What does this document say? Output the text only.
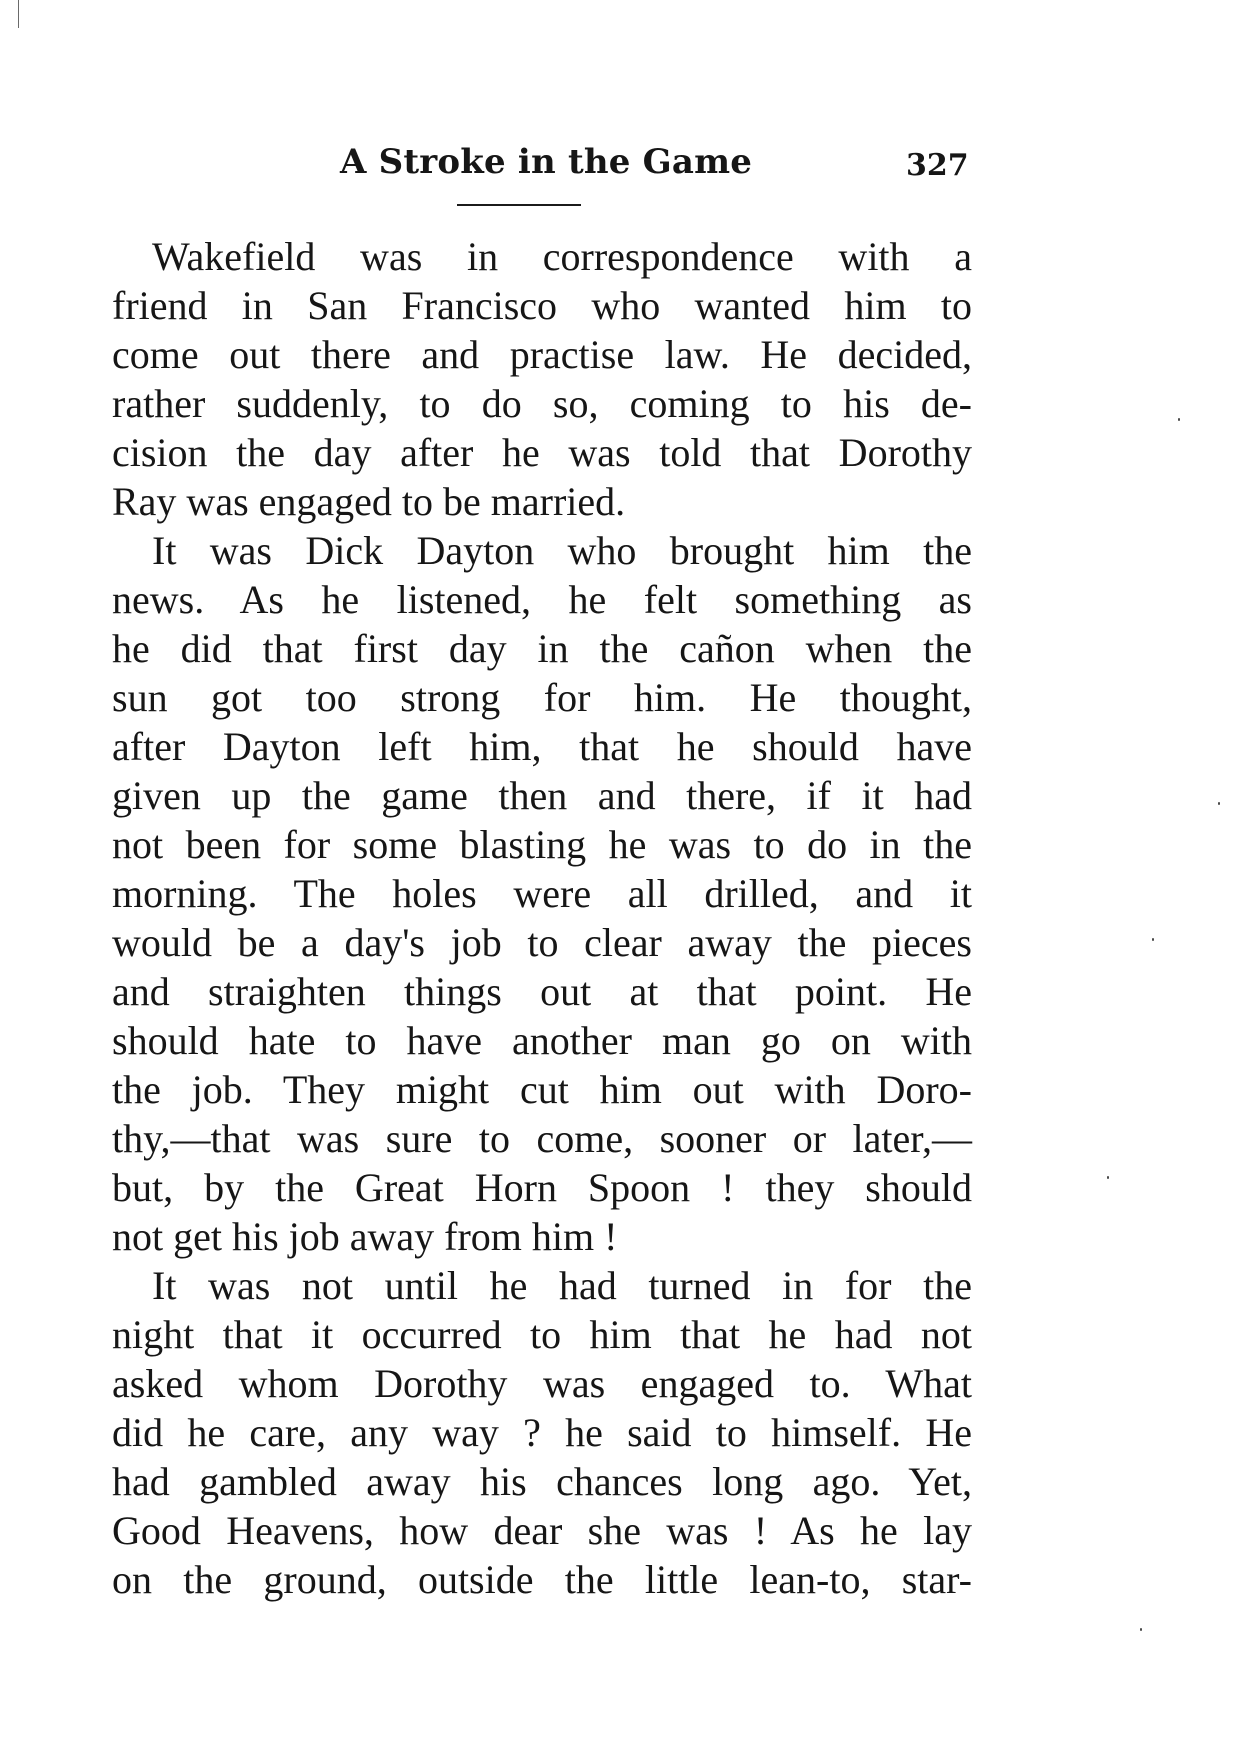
A Stroke in the Game	327
Wakefield was in correspondence with a
friend in San Francisco who wanted him to
come out there and practise law. He decided,
rather suddenly, to do so, coming to his de-
cision the day after he was told that Dorothy
Ray was engaged to be married.
It was Dick Dayton who brought him the
news. As he listened, he felt something as
he did that first day in the cañon when the
sun got too strong for him. He thought,
after Dayton left him, that he should have
given up the game then and there, if it had
not been for some blasting he was to do in the
morning. The holes were all drilled, and it
would be a day's job to clear away the pieces
and straighten things out at that point. He
should hate to have another man go on with
the job. They might cut him out with Doro-
thy,—that was sure to come, sooner or later,—
but, by the Great Horn Spoon ! they should
not get his job away from him !
It was not until he had turned in for the
night that it occurred to him that he had not
asked whom Dorothy was engaged to. What
did he care, any way ? he said to himself. He
had gambled away his chances long ago. Yet,
Good Heavens, how dear she was ! As he lay
on the ground, outside the little lean-to, star-
